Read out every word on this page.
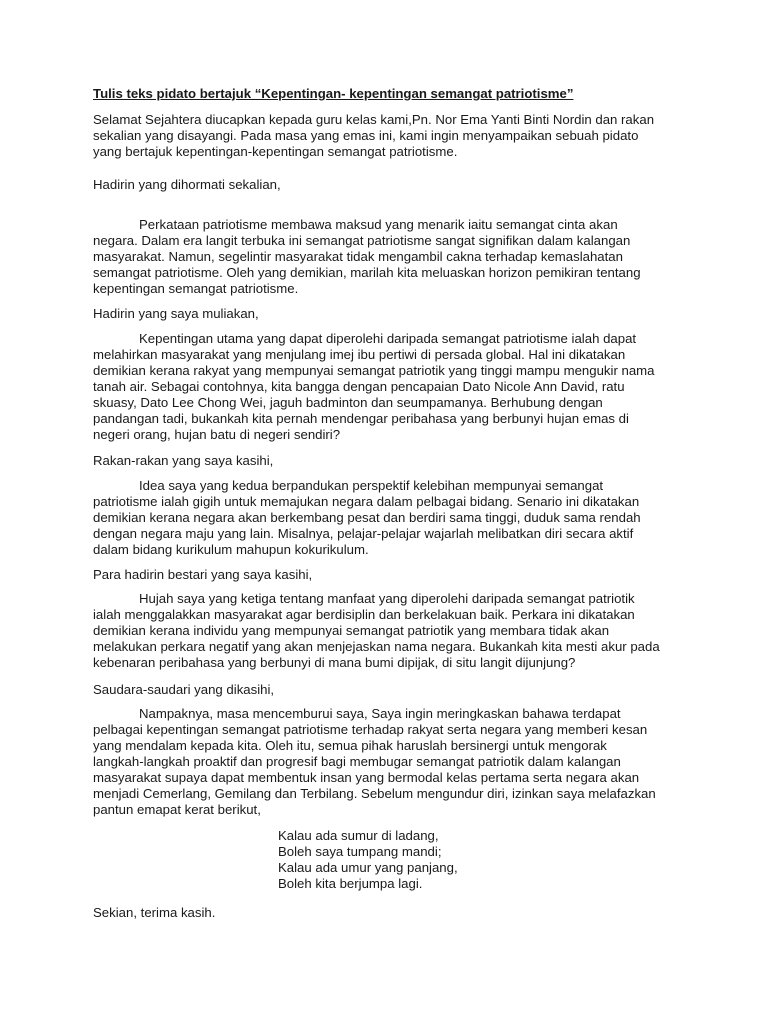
Tulis teks pidato bertajuk “Kepentingan- kepentingan semangat patriotisme”

Selamat Sejahtera diucapkan kepada guru kelas kami,Pn. Nor Ema Yanti Binti Nordin dan rakan
sekalian yang disayangi. Pada masa yang emas ini, kami ingin menyampaikan sebuah pidato
yang bertajuk kepentingan-kepentingan semangat patriotisme.

Hadirin yang dihormati sekalian,

Perkataan patriotisme membawa maksud yang menarik iaitu semangat cinta akan
negara. Dalam era langit terbuka ini semangat patriotisme sangat signifikan dalam kalangan
masyarakat. Namun, segelintir masyarakat tidak mengambil cakna terhadap kemaslahatan
semangat patriotisme. Oleh yang demikian, marilah kita meluaskan horizon pemikiran tentang
kepentingan semangat patriotisme.

Hadirin yang saya muliakan,

Kepentingan utama yang dapat diperolehi daripada semangat patriotisme ialah dapat
melahirkan masyarakat yang menjulang imej ibu pertiwi di persada global. Hal ini dikatakan
demikian kerana rakyat yang mempunyai semangat patriotik yang tinggi mampu mengukir nama
tanah air. Sebagai contohnya, kita bangga dengan pencapaian Dato Nicole Ann David, ratu
skuasy, Dato Lee Chong Wei, jaguh badminton dan seumpamanya. Berhubung dengan
pandangan tadi, bukankah kita pernah mendengar peribahasa yang berbunyi hujan emas di
negeri orang, hujan batu di negeri sendiri?

Rakan-rakan yang saya kasihi,

Idea saya yang kedua berpandukan perspektif kelebihan mempunyai semangat
patriotisme ialah gigih untuk memajukan negara dalam pelbagai bidang. Senario ini dikatakan
demikian kerana negara akan berkembang pesat dan berdiri sama tinggi, duduk sama rendah
dengan negara maju yang lain. Misalnya, pelajar-pelajar wajarlah melibatkan diri secara aktif
dalam bidang kurikulum mahupun kokurikulum.

Para hadirin bestari yang saya kasihi,

Hujah saya yang ketiga tentang manfaat yang diperolehi daripada semangat patriotik
ialah menggalakkan masyarakat agar berdisiplin dan berkelakuan baik. Perkara ini dikatakan
demikian kerana individu yang mempunyai semangat patriotik yang membara tidak akan
melakukan perkara negatif yang akan menjejaskan nama negara. Bukankah kita mesti akur pada
kebenaran peribahasa yang berbunyi di mana bumi dipijak, di situ langit dijunjung?

Saudara-saudari yang dikasihi,

Nampaknya, masa mencemburui saya, Saya ingin meringkaskan bahawa terdapat
pelbagai kepentingan semangat patriotisme terhadap rakyat serta negara yang memberi kesan
yang mendalam kepada kita. Oleh itu, semua pihak haruslah bersinergi untuk mengorak
langkah-langkah proaktif dan progresif bagi membugar semangat patriotik dalam kalangan
masyarakat supaya dapat membentuk insan yang bermodal kelas pertama serta negara akan
menjadi Cemerlang, Gemilang dan Terbilang. Sebelum mengundur diri, izinkan saya melafazkan
pantun emapat kerat berikut,

Kalau ada sumur di ladang,
Boleh saya tumpang mandi;
Kalau ada umur yang panjang,
Boleh kita berjumpa lagi.

Sekian, terima kasih.
